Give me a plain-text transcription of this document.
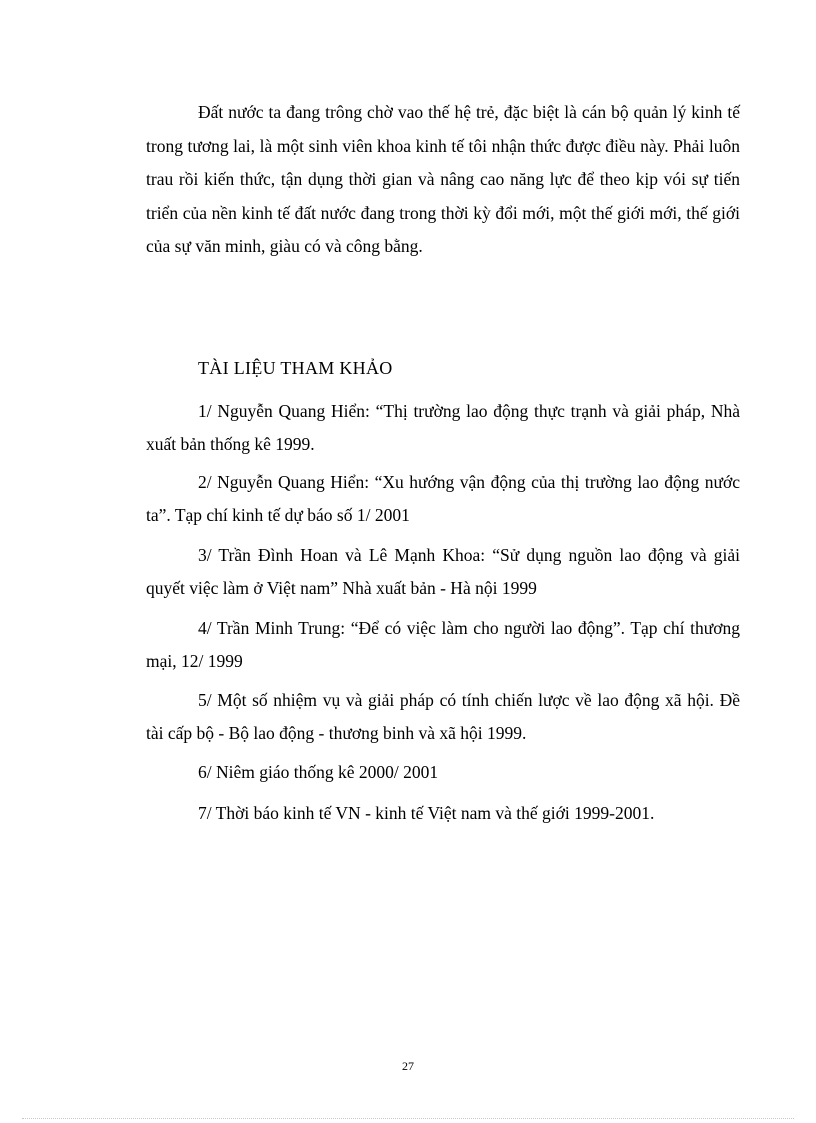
Đất nước ta đang trông chờ vao thế hệ trẻ, đặc biệt là cán bộ quản lý kinh tế trong tương lai, là một sinh viên khoa kinh tế tôi nhận thức được điều này. Phải luôn trau rồi kiến thức, tận dụng thời gian và nâng cao năng lực để theo kịp vói sự tiến triển của nền kinh tế đất nước đang trong thời kỳ đổi mới, một thế giới mới, thế giới của sự văn minh, giàu có và công bằng.

TÀI LIỆU THAM KHẢO

1/ Nguyễn Quang Hiển: “Thị trường lao động thực trạnh và giải pháp, Nhà xuất bản thống kê 1999.

2/ Nguyễn Quang Hiển: “Xu hướng vận động của thị trường lao động nước ta”. Tạp chí kinh tế dự báo số 1/ 2001

3/ Trần Đình Hoan và Lê Mạnh Khoa: “Sử dụng nguồn lao động và giải quyết việc làm ở Việt nam” Nhà xuất bản - Hà nội 1999

4/ Trần Minh Trung: “Để có việc làm cho người lao động”. Tạp chí thương mại, 12/ 1999

5/ Một số nhiệm vụ và giải pháp có tính chiến lược về lao động xã hội. Đề tài cấp bộ - Bộ lao động - thương binh và xã hội 1999.

6/ Niêm giáo thống kê 2000/ 2001

7/ Thời báo kinh tế VN - kinh tế Việt nam và thế giới 1999-2001.

27
